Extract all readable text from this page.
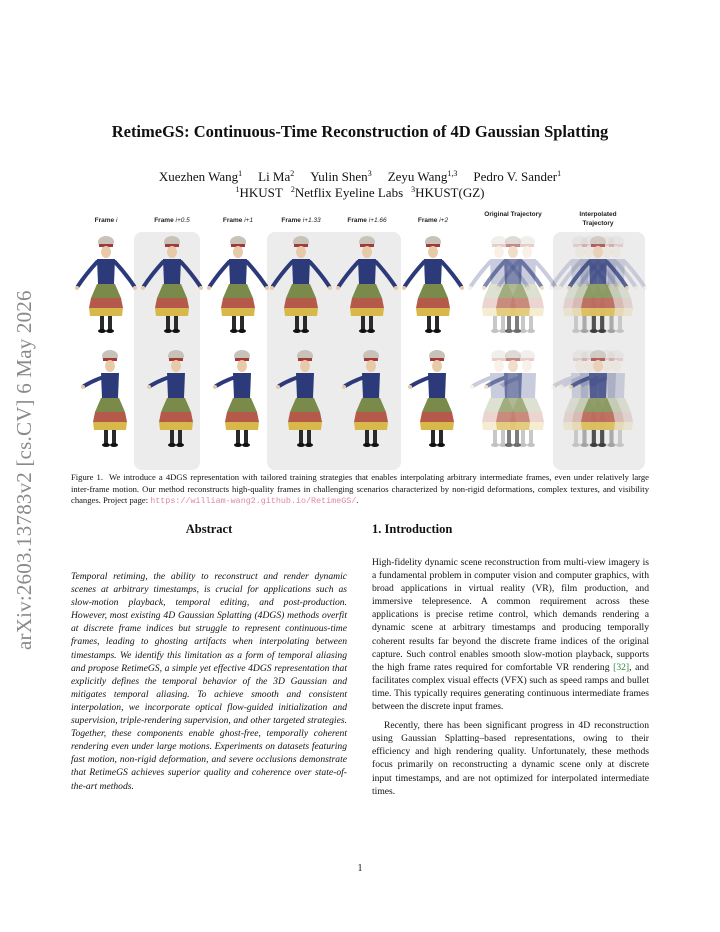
arXiv:2603.13783v2 [cs.CV] 6 May 2026
RetimeGS: Continuous-Time Reconstruction of 4D Gaussian Splatting
Xuezhen Wang$^1$ Li Ma$^2$ Yulin Shen$^3$ Zeyu Wang$^{1,3}$ Pedro V. Sander$^1$
$^1$HKUST $^2$Netflix Eyeline Labs $^3$HKUST(GZ)
Frame i	Frame i+0.5	Frame i+1	Frame i+1.33	Frame i+1.66	Frame i+2
Original Trajectory	Interpolated Trajectory
Figure 1. We introduce a 4DGS representation with tailored training strategies that enables interpolating arbitrary intermediate frames, even under relatively large inter-frame motion. Our method reconstructs high-quality frames in challenging scenarios characterized by non-rigid deformations, complex textures, and visibility changes. Project page: https://william-wang2.github.io/RetimeGS/.
Abstract
Temporal retiming, the ability to reconstruct and render dynamic scenes at arbitrary timestamps, is crucial for applications such as slow-motion playback, temporal editing, and post-production. However, most existing 4D Gaussian Splatting (4DGS) methods overfit at discrete frame indices but struggle to represent continuous-time frames, leading to ghosting artifacts when interpolating between timestamps. We identify this limitation as a form of temporal aliasing and propose RetimeGS, a simple yet effective 4DGS representation that explicitly defines the temporal behavior of the 3D Gaussian and mitigates temporal aliasing. To achieve smooth and consistent interpolation, we incorporate optical flow-guided initialization and supervision, triple-rendering supervision, and other targeted strategies. Together, these components enable ghost-free, temporally coherent rendering even under large motions. Experiments on datasets featuring fast motion, non-rigid deformation, and severe occlusions demonstrate that RetimeGS achieves superior quality and coherence over state-of-the-art methods.
1. Introduction

High-fidelity dynamic scene reconstruction from multi-view imagery is a fundamental problem in computer vision and computer graphics, with broad applications in virtual reality (VR), film production, and immersive telepresence. A common requirement across these applications is precise retime control, which demands rendering a dynamic scene at arbitrary timestamps and producing temporally coherent results far beyond the discrete frame indices of the original capture. Such control enables smooth slow-motion playback, supports the high frame rates required for comfortable VR rendering [32], and facilitates complex visual effects (VFX) such as speed ramps and bullet time. This typically requires generating continuous intermediate frames between the discrete input frames.

Recently, there has been significant progress in 4D reconstruction using Gaussian Splatting–based representations, owing to their efficiency and high rendering quality. Unfortunately, these methods focus primarily on reconstructing a dynamic scene only at discrete input timestamps, and are not optimized for interpolated intermediate times.

1
